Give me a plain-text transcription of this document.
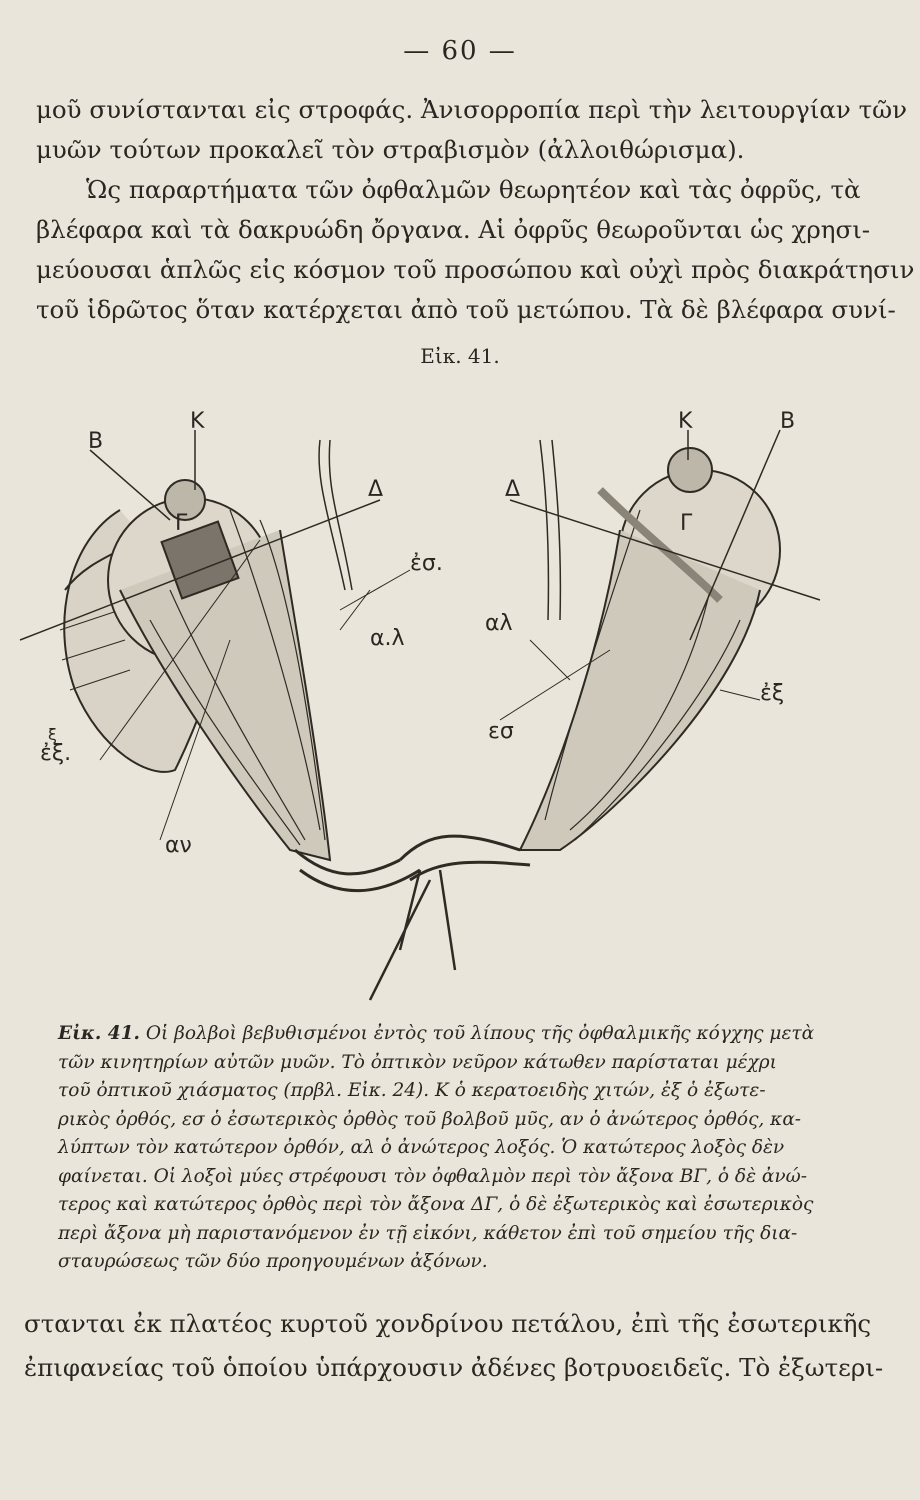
— 60 —
μοῦ συνίστανται εἰς στροφάς. Ἀνισορροπία περὶ τὴν λειτουργίαν τῶν
μυῶν τούτων προκαλεῖ τὸν στραβισμὸν (ἀλλοιθώρισμα).
Ὡς παραρτήματα τῶν ὀφθαλμῶν θεωρητέον καὶ τὰς ὀφρῦς, τὰ
βλέφαρα καὶ τὰ δακρυώδη ὄργανα. Αἱ ὀφρῦς θεωροῦνται ὡς χρησι-
μεύουσαι ἁπλῶς εἰς κόσμον τοῦ προσώπου καὶ οὐχὶ πρὸς διακράτησιν
τοῦ ἱδρῶτος ὅταν κατέρχεται ἀπὸ τοῦ μετώπου. Τὰ δὲ βλέφαρα συνί-
Εἰκ. 41.
Κ
Β
Γ
Δ
ἐσ.
α.λ
ἐξ.
ξ
αν
Κ	Β
Γ
Δ
αλ
εσ
ἐξ
Εἰκ. 41. Οἱ βολβοὶ βεβυθισμένοι ἐντὸς τοῦ λίπους τῆς ὀφθαλμικῆς κόγχης μετὰ
τῶν κινητηρίων αὐτῶν μυῶν. Τὸ ὀπτικὸν νεῦρον κάτωθεν παρίσταται μέχρι
τοῦ ὀπτικοῦ χιάσματος (πρβλ. Εἰκ. 24). Κ ὁ κερατοειδὴς χιτών, ἐξ ὁ ἐξωτε-
ρικὸς ὀρθός, εσ ὁ ἐσωτερικὸς ὀρθὸς τοῦ βολβοῦ μῦς, αν ὁ ἀνώτερος ὀρθός, κα-
λύπτων τὸν κατώτερον ὀρθόν, αλ ὁ ἀνώτερος λοξός. Ὁ κατώτερος λοξὸς δὲν
φαίνεται. Οἱ λοξοὶ μύες στρέφουσι τὸν ὀφθαλμὸν περὶ τὸν ἄξονα ΒΓ, ὁ δὲ ἀνώ-
τερος καὶ κατώτερος ὀρθὸς περὶ τὸν ἄξονα ΔΓ, ὁ δὲ ἐξωτερικὸς καὶ ἐσωτερικὸς
περὶ ἄξονα μὴ παριστανόμενον ἐν τῇ εἰκόνι, κάθετον ἐπὶ τοῦ σημείου τῆς δια-
σταυρώσεως τῶν δύο προηγουμένων ἀξόνων.
στανται ἐκ πλατέος κυρτοῦ χονδρίνου πετάλου, ἐπὶ τῆς ἐσωτερικῆς
ἐπιφανείας τοῦ ὁποίου ὑπάρχουσιν ἀδένες βοτρυοειδεῖς. Τὸ ἐξωτερι-
